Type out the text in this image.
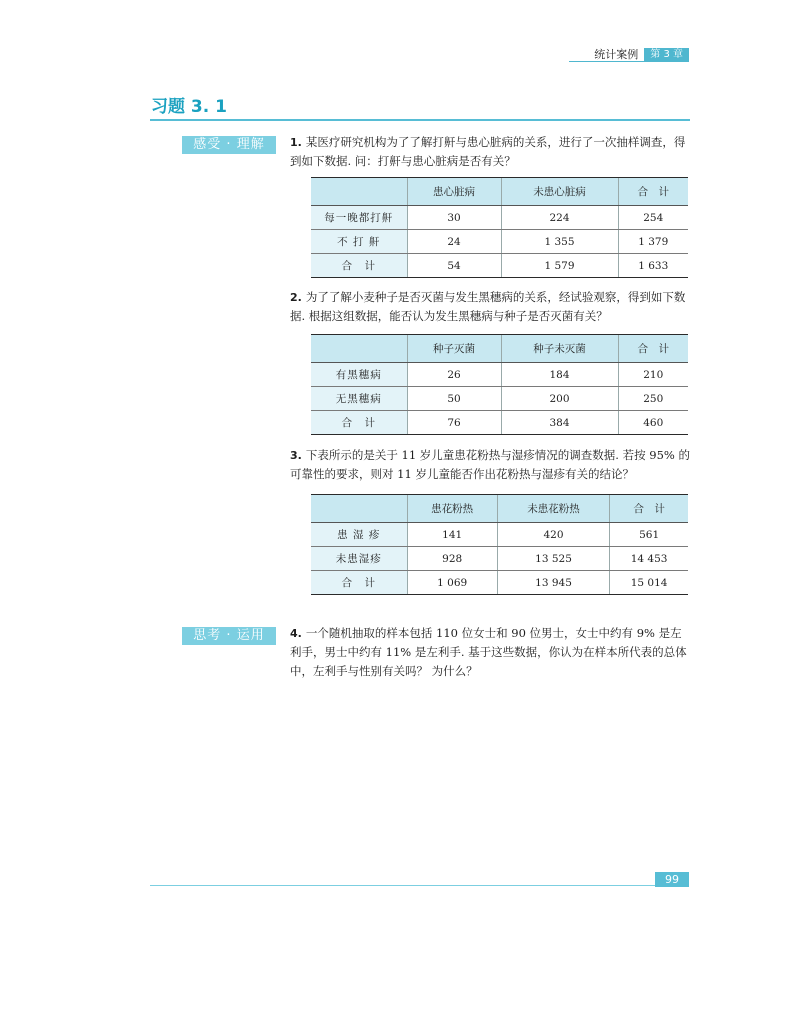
统计案例	第 3 章
习题 3. 1
感受 · 理解	1. 某医疗研究机构为了了解打鼾与患心脏病的关系，进行了一次抽样调查，得到如下数据. 问：打鼾与患心脏病是否有关？

	患心脏病	未患心脏病	合　计
每一晚都打鼾	30	224	254
不 打 鼾	24	1 355	1 379
合　计	54	1 579	1 633

2. 为了了解小麦种子是否灭菌与发生黑穗病的关系，经试验观察，得到如下数据. 根据这组数据，能否认为发生黑穗病与种子是否灭菌有关？

	种子灭菌	种子未灭菌	合　计
有黑穗病	26	184	210
无黑穗病	50	200	250
合　计	76	384	460

3. 下表所示的是关于 11 岁儿童患花粉热与湿疹情况的调查数据. 若按 95% 的可靠性的要求，则对 11 岁儿童能否作出花粉热与湿疹有关的结论？

	患花粉热	未患花粉热	合　计
患 湿 疹	141	420	561
未患湿疹	928	13 525	14 453
合　计	1 069	13 945	15 014
思考 · 运用	4. 一个随机抽取的样本包括 110 位女士和 90 位男士，女士中约有 9% 是左利手，男士中约有 11% 是左利手. 基于这些数据，你认为在样本所代表的总体中，左利手与性别有关吗？ 为什么？

99
